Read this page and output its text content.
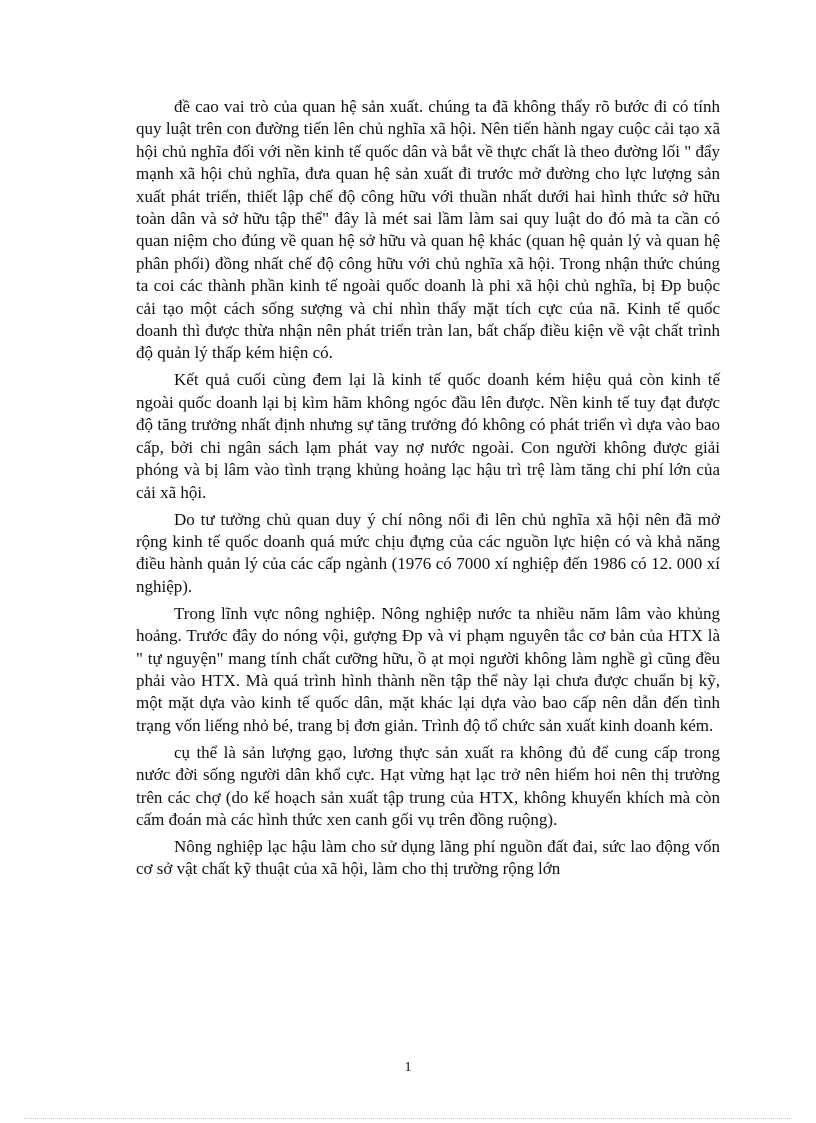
đề cao vai trò của quan hệ sản xuất. chúng ta đã không thấy rõ bước đi có tính quy luật trên con đường tiến lên chủ nghĩa xã hội. Nên tiến hành ngay cuộc cải tạo xã hội chủ nghĩa đối với nền kinh tế quốc dân và bắt về thực chất là theo đường lối " đẩy mạnh xã hội chủ nghĩa, đưa quan hệ sản xuất đi trước mở đường cho lực lượng sản xuất phát triển, thiết lập chế độ công hữu với thuần nhất dưới hai hình thức sở hữu toàn dân và sở hữu tập thể" đây là mét sai lầm làm sai quy luật do đó mà ta cần có quan niệm cho đúng về quan hệ sở hữu và quan hệ khác (quan hệ quản lý và quan hệ phân phối) đồng nhất chế độ công hữu với chủ nghĩa xã hội. Trong nhận thức chúng ta coi các thành phần kinh tế ngoài quốc doanh là phi xã hội chủ nghĩa, bị Đp buộc cải tạo một cách sống sượng và chỉ nhìn thấy mặt tích cực của nã. Kinh tế quốc doanh thì được thừa nhận nên phát triển tràn lan, bất chấp điều kiện về vật chất trình độ quản lý thấp kém hiện có.

Kết quả cuối cùng đem lại là kinh tế quốc doanh kém hiệu quả còn kinh tế ngoài quốc doanh lại bị kìm hãm không ngóc đầu lên được. Nền kinh tế tuy đạt được độ tăng trưởng nhất định nhưng sự tăng trưởng đó không có phát triển vì dựa vào bao cấp, bởi chi ngân sách lạm phát vay nợ nước ngoài. Con người không được giải phóng và bị lâm vào tình trạng khủng hoảng lạc hậu trì trệ làm tăng chi phí lớn của cải xã hội.

Do tư tưởng chủ quan duy ý chí nông nổi đi lên chủ nghĩa xã hội nên đã mở rộng kinh tế quốc doanh quá mức chịu đựng của các nguồn lực hiện có và khả năng điều hành quản lý của các cấp ngành (1976 có 7000 xí nghiệp đến 1986 có 12. 000 xí nghiệp).

Trong lĩnh vực nông nghiệp. Nông nghiệp nước ta nhiều năm lâm vào khủng hoảng. Trước đây do nóng vội, gượng Đp và vi phạm nguyên tắc cơ bản của HTX là " tự nguyện" mang tính chất cưỡng hữu, ồ ạt mọi người không làm nghề gì cũng đều phải vào HTX. Mà quá trình hình thành nền tập thể này lại chưa được chuẩn bị kỹ, một mặt dựa vào kinh tế quốc dân, mặt khác lại dựa vào bao cấp nên dẫn đến tình trạng vốn liếng nhỏ bé, trang bị đơn giản. Trình độ tổ chức sản xuất kinh doanh kém.

cụ thể là sản lượng gạo, lương thực sản xuất ra không đủ để cung cấp trong nước đời sống người dân khổ cực. Hạt vừng hạt lạc trở nên hiếm hoi nên thị trường trên các chợ (do kế hoạch sản xuất tập trung của HTX, không khuyến khích mà còn cấm đoán mà các hình thức xen canh gối vụ trên đồng ruộng).

Nông nghiệp lạc hậu làm cho sử dụng lãng phí nguồn đất đai, sức lao động vốn cơ sở vật chất kỹ thuật của xã hội, làm cho thị trường rộng lớn

1
